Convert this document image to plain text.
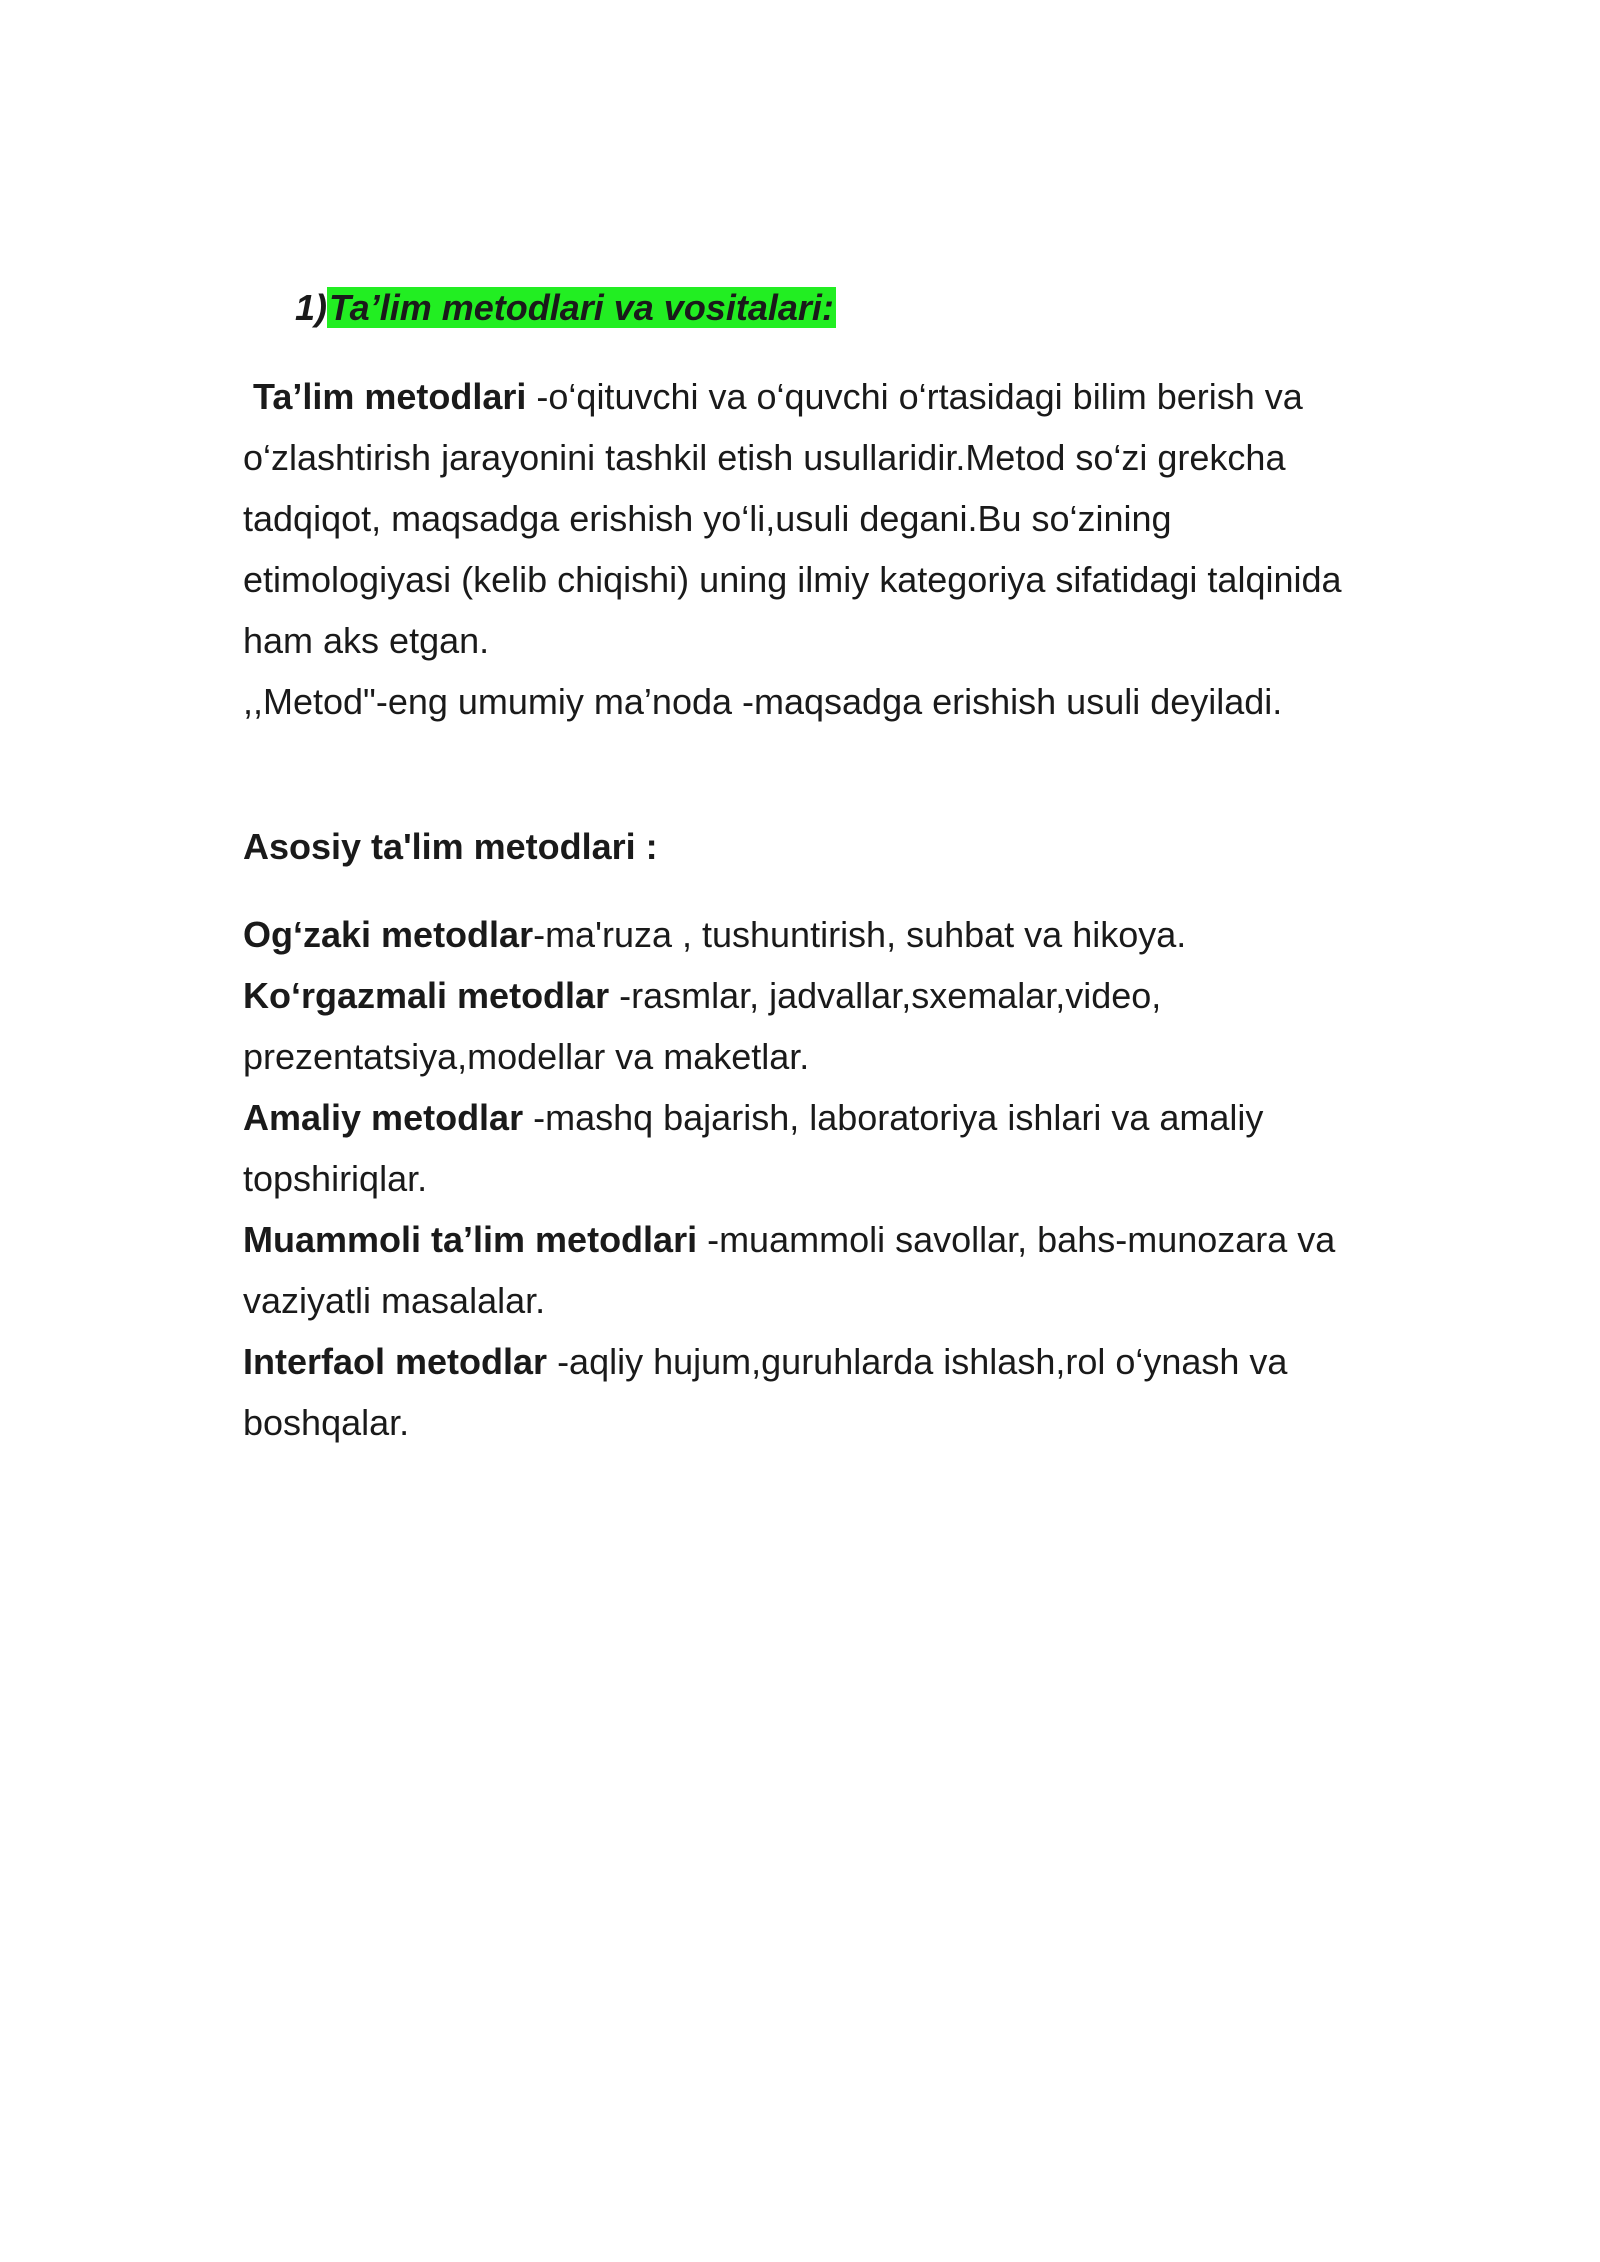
1)Ta’lim metodlari va vositalari:
Ta’lim metodlari -o‘qituvchi va o‘quvchi o‘rtasidagi bilim berish va o‘zlashtirish jarayonini tashkil etish usullaridir.Metod so‘zi grekcha tadqiqot, maqsadga erishish yo‘li,usuli degani.Bu so‘zining etimologiyasi (kelib chiqishi) uning ilmiy kategoriya sifatidagi talqinida ham aks etgan.
,,Metod"-eng umumiy ma’noda -maqsadga erishish usuli deyiladi.
Asosiy ta'lim metodlari :
Og‘zaki metodlar-ma'ruza , tushuntirish, suhbat va hikoya.
Ko‘rgazmali metodlar -rasmlar, jadvallar,sxemalar,video, prezentatsiya,modellar va maketlar.
Amaliy metodlar -mashq bajarish, laboratoriya ishlari va amaliy topshiriqlar.
Muammoli ta’lim metodlari -muammoli savollar, bahs-munozara va vaziyatli masalalar.
Interfaol metodlar -aqliy hujum,guruhlarda ishlash,rol o‘ynash va boshqalar.
